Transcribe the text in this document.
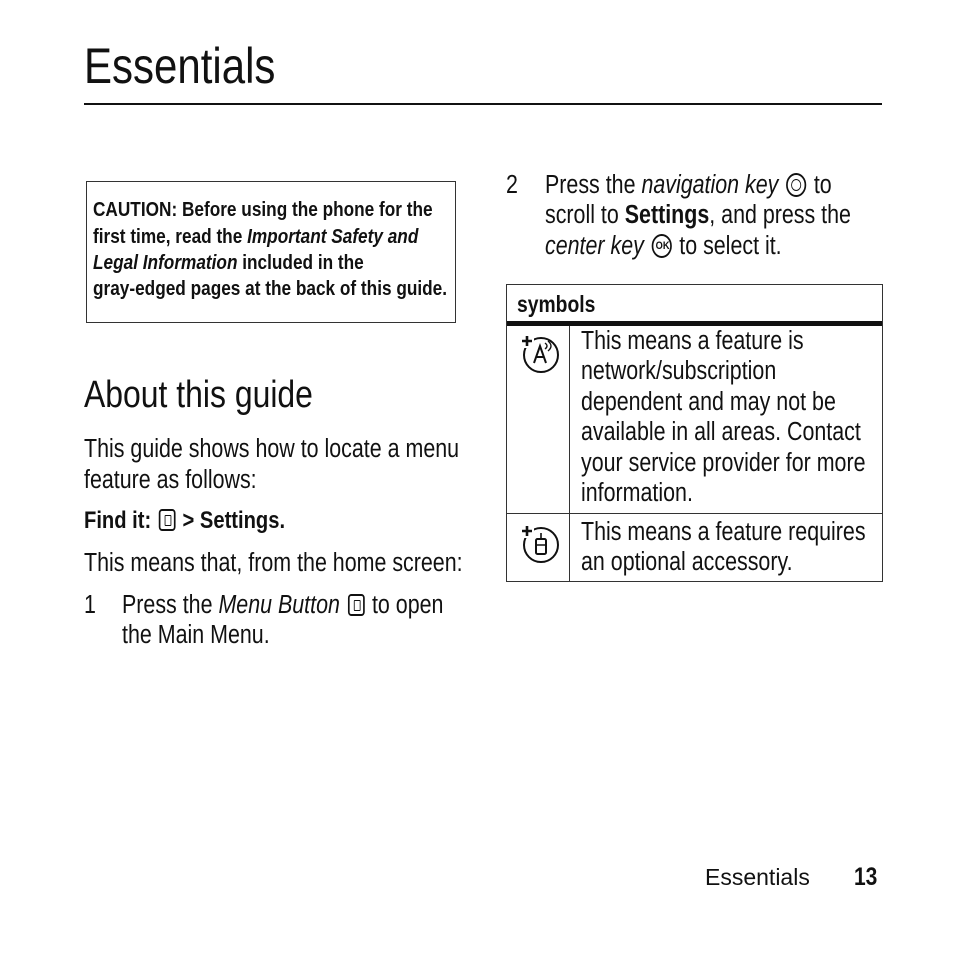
Essentials
CAUTION: Before using the phone for the
first time, read the Important Safety and
Legal Information included in the
gray-edged pages at the back of this guide.
About this guide
This guide shows how to locate a menu
feature as follows:
Find it: > Settings.
This means that, from the home screen:
1 Press the Menu Button  to open
the Main Menu.
2 Press the navigation key
to
scroll to Settings, and press the
center key OK to select it.
symbols
This means a feature is
network/subscription
dependent and may not be
available in all areas. Contact
your service provider for more
information.
This means a feature requires
an optional accessory.
Essentials 13
